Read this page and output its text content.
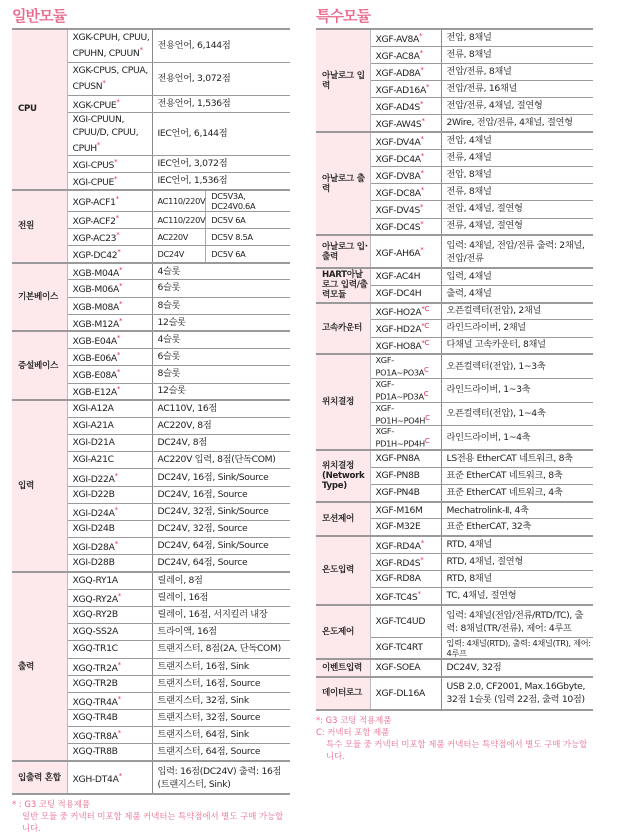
일반모듈	특수모듈
CPU	XGK-CPUH, CPUU, CPUHN, CPUUN*	전용언어, 6,144점	
	XGK-CPUS, CPUA, CPUSN*	전용언어, 3,072점	
	XGK-CPUE*	전용언어, 1,536점	
	XGI-CPUUN, CPUU/D, CPUU, CPUH*	IEC언어, 6,144점	
	XGI-CPUS*	IEC언어, 3,072점	
	XGI-CPUE*	IEC언어, 1,536점	
전원	XGP-ACF1*	AC110/220V	DC5V3A, DC24V0.6A
	XGP-ACF2*	AC110/220V	DC5V 6A
	XGP-AC23*	AC220V	DC5V 8.5A
	XGP-DC42*	DC24V	DC5V 6A
기본베이스	XGB-M04A*	4슬롯	
	XGB-M06A*	6슬롯	
	XGB-M08A*	8슬롯	
	XGB-M12A*	12슬롯	
증설베이스	XGB-E04A*	4슬롯	
	XGB-E06A*	6슬롯	
	XGB-E08A*	8슬롯	
	XGB-E12A*	12슬롯	
입력	XGI-A12A	AC110V, 16점	
	XGI-A21A	AC220V, 8점	
	XGI-D21A	DC24V, 8점	
	XGI-A21C	AC220V 입력, 8점(단독COM)	
	XGI-D22A*	DC24V, 16점, Sink/Source	
	XGI-D22B	DC24V, 16점, Source	
	XGI-D24A*	DC24V, 32점, Sink/Source	
	XGI-D24B	DC24V, 32점, Source	
	XGI-D28A*	DC24V, 64점, Sink/Source	
	XGI-D28B	DC24V, 64점, Source	
출력	XGQ-RY1A	릴레이, 8점	
	XGQ-RY2A*	릴레이, 16점	
	XGQ-RY2B	릴레이, 16점, 서지킬러 내장	
	XGQ-SS2A	트라이액, 16점	
	XGQ-TR1C	트랜지스터, 8점(2A, 단독COM)	
	XGQ-TR2A*	트랜지스터, 16점, Sink	
	XGQ-TR2B	트랜지스터, 16점, Source	
	XGQ-TR4A*	트랜지스터, 32점, Sink	
	XGQ-TR4B	트랜지스터, 32점, Source	
	XGQ-TR8A*	트랜지스터, 64점, Sink	
	XGQ-TR8B	트랜지스터, 64점, Source	
입출력 혼합	XGH-DT4A*	입력: 16점(DC24V) 출력: 16점(트랜지스터, Sink)	
* : G3 코팅 적용제품
일반 모듈 중 커넥터 미포함 제품 커넥터는 특약점에서 별도 구매 가능합니다.
아날로그 입력	XGF-AV8A*	전압, 8채널
	XGF-AC8A*	전류, 8채널
	XGF-AD8A*	전압/전류, 8채널
	XGF-AD16A*	전압/전류, 16채널
	XGF-AD4S*	전압/전류, 4채널, 절연형
	XGF-AW4S*	2Wire, 전압/전류, 4채널, 절연형
아날로그 출력	XGF-DV4A*	전압, 4채널
	XGF-DC4A*	전류, 4채널
	XGF-DV8A*	전압, 8채널
	XGF-DC8A*	전류, 8채널
	XGF-DV4S*	전압, 4채널, 절연형
	XGF-DC4S*	전류, 4채널, 절연형
아날로그 입·출력	XGF-AH6A*	입력: 4채널, 전압/전류 출력: 2채널, 전압/전류
HART아날로그 입력/출력모듈	XGF-AC4H	입력, 4채널
	XGF-DC4H	출력, 4채널
고속카운터	XGF-$HO2A^{*C}$	오픈컬렉터(전압), 2채널
	XGF-$HD2A^{*C}$	라인드라이버, 2채널
	XGF-$HO8A^{*C}$	다채널 고속카운터, 8채널
위치결정	XGF-PO1A~PO3AC	오픈컬렉터(전압), 1~3축
	XGF-PD1A~PD3AC	라인드라이버, 1~3축
	XGF-PO1H~PO4HC	오픈컬렉터(전압), 1~4축
	XGF-PD1H~PD4HC	라인드라이버, 1~4축
위치결정 (Network Type)	XGF-PN8A	LS전용 EtherCAT 네트워크, 8축
	XGF-PN8B	표준 EtherCAT 네트워크, 8축
	XGF-PN4B	표준 EtherCAT 네트워크, 4축
모션제어	XGF-M16M	Mechatrolink-Ⅱ, 4축
	XGF-M32E	표준 EtherCAT, 32축
온도입력	XGF-RD4A*	RTD, 4채널
	XGF-RD4S*	RTD, 4채널, 절연형
	XGF-RD8A	RTD, 8채널
	XGF-TC4S*	TC, 4채널, 절연형
온도제어	XGF-TC4UD	입력: 4채널(전압/전류/RTD/TC), 출력: 8채널(TR/전류), 제어: 4루프
	XGF-TC4RT	입력: 4채널(RTD), 출력: 4채널(TR), 제어: 4루프
이벤트입력	XGF-SOEA	DC24V, 32점
데이터로그	XGF-DL16A	USB 2.0, CF2001, Max.16Gbyte, 32점 1슬롯 (입력 22점, 출력 10점)
*: G3 코팅 적용제품
C: 커넥터 포함 제품
특수 모듈 중 커넥터 미포함 제품 커넥터는 특약점에서 별도 구매 가능합니다.
